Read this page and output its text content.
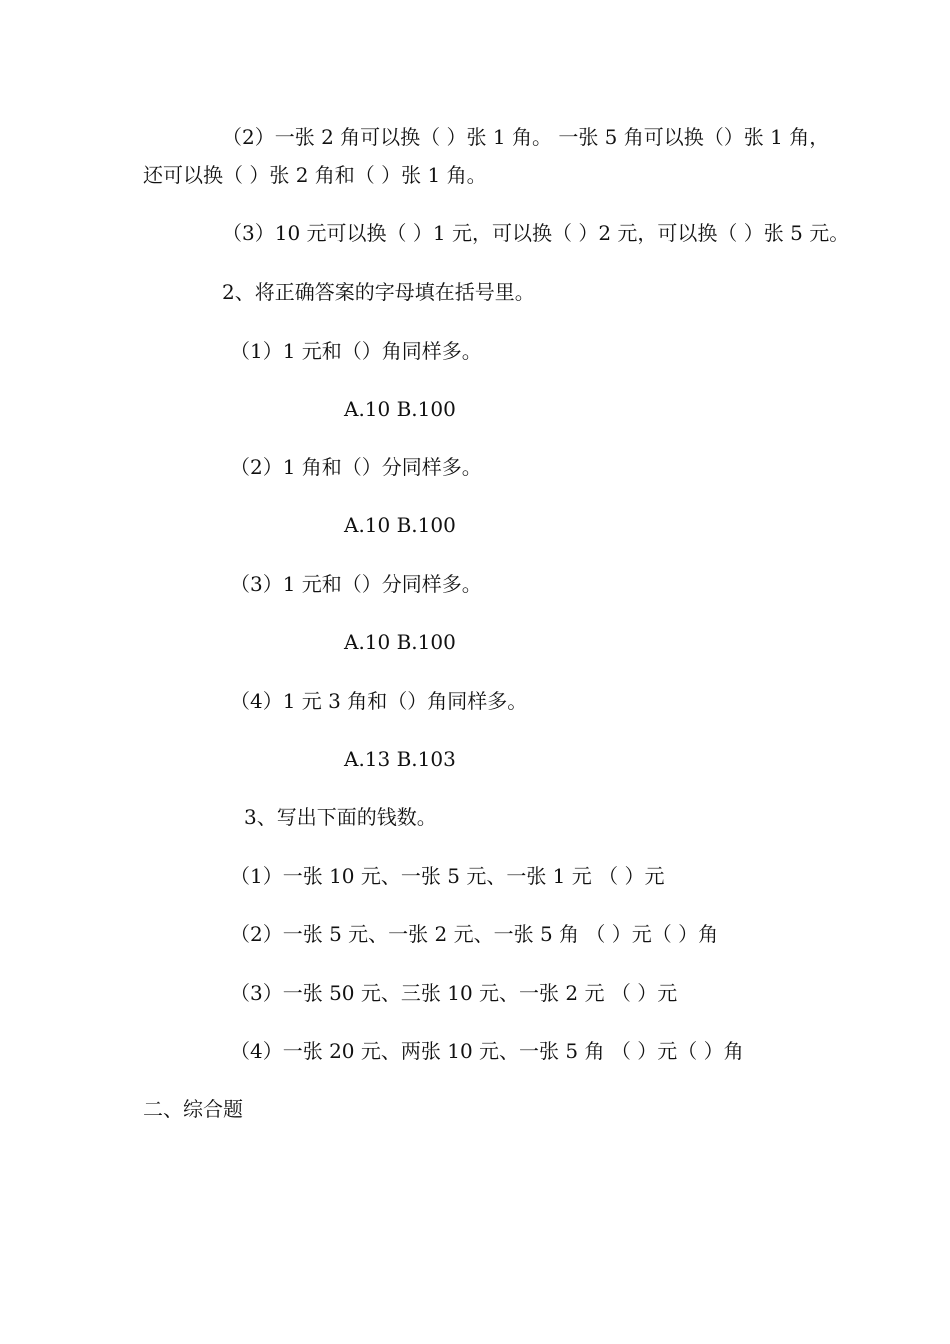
（2）一张 2 角可以换（ ）张 1 角。 一张 5 角可以换（）张 1 角，
还可以换（ ）张 2 角和（ ）张 1 角。
（3）10 元可以换（ ）1 元，可以换（ ）2 元，可以换（ ）张 5 元。
2、将正确答案的字母填在括号里。
（1）1 元和（）角同样多。
A.10 B.100
（2）1 角和（）分同样多。
A.10 B.100
（3）1 元和（）分同样多。
A.10 B.100
（4）1 元 3 角和（）角同样多。
A.13 B.103
3、写出下面的钱数。
（1）一张 10 元、一张 5 元、一张 1 元 （ ）元
（2）一张 5 元、一张 2 元、一张 5 角 （ ）元（ ）角
（3）一张 50 元、三张 10 元、一张 2 元 （ ）元
（4）一张 20 元、两张 10 元、一张 5 角 （ ）元（ ）角
二、综合题
